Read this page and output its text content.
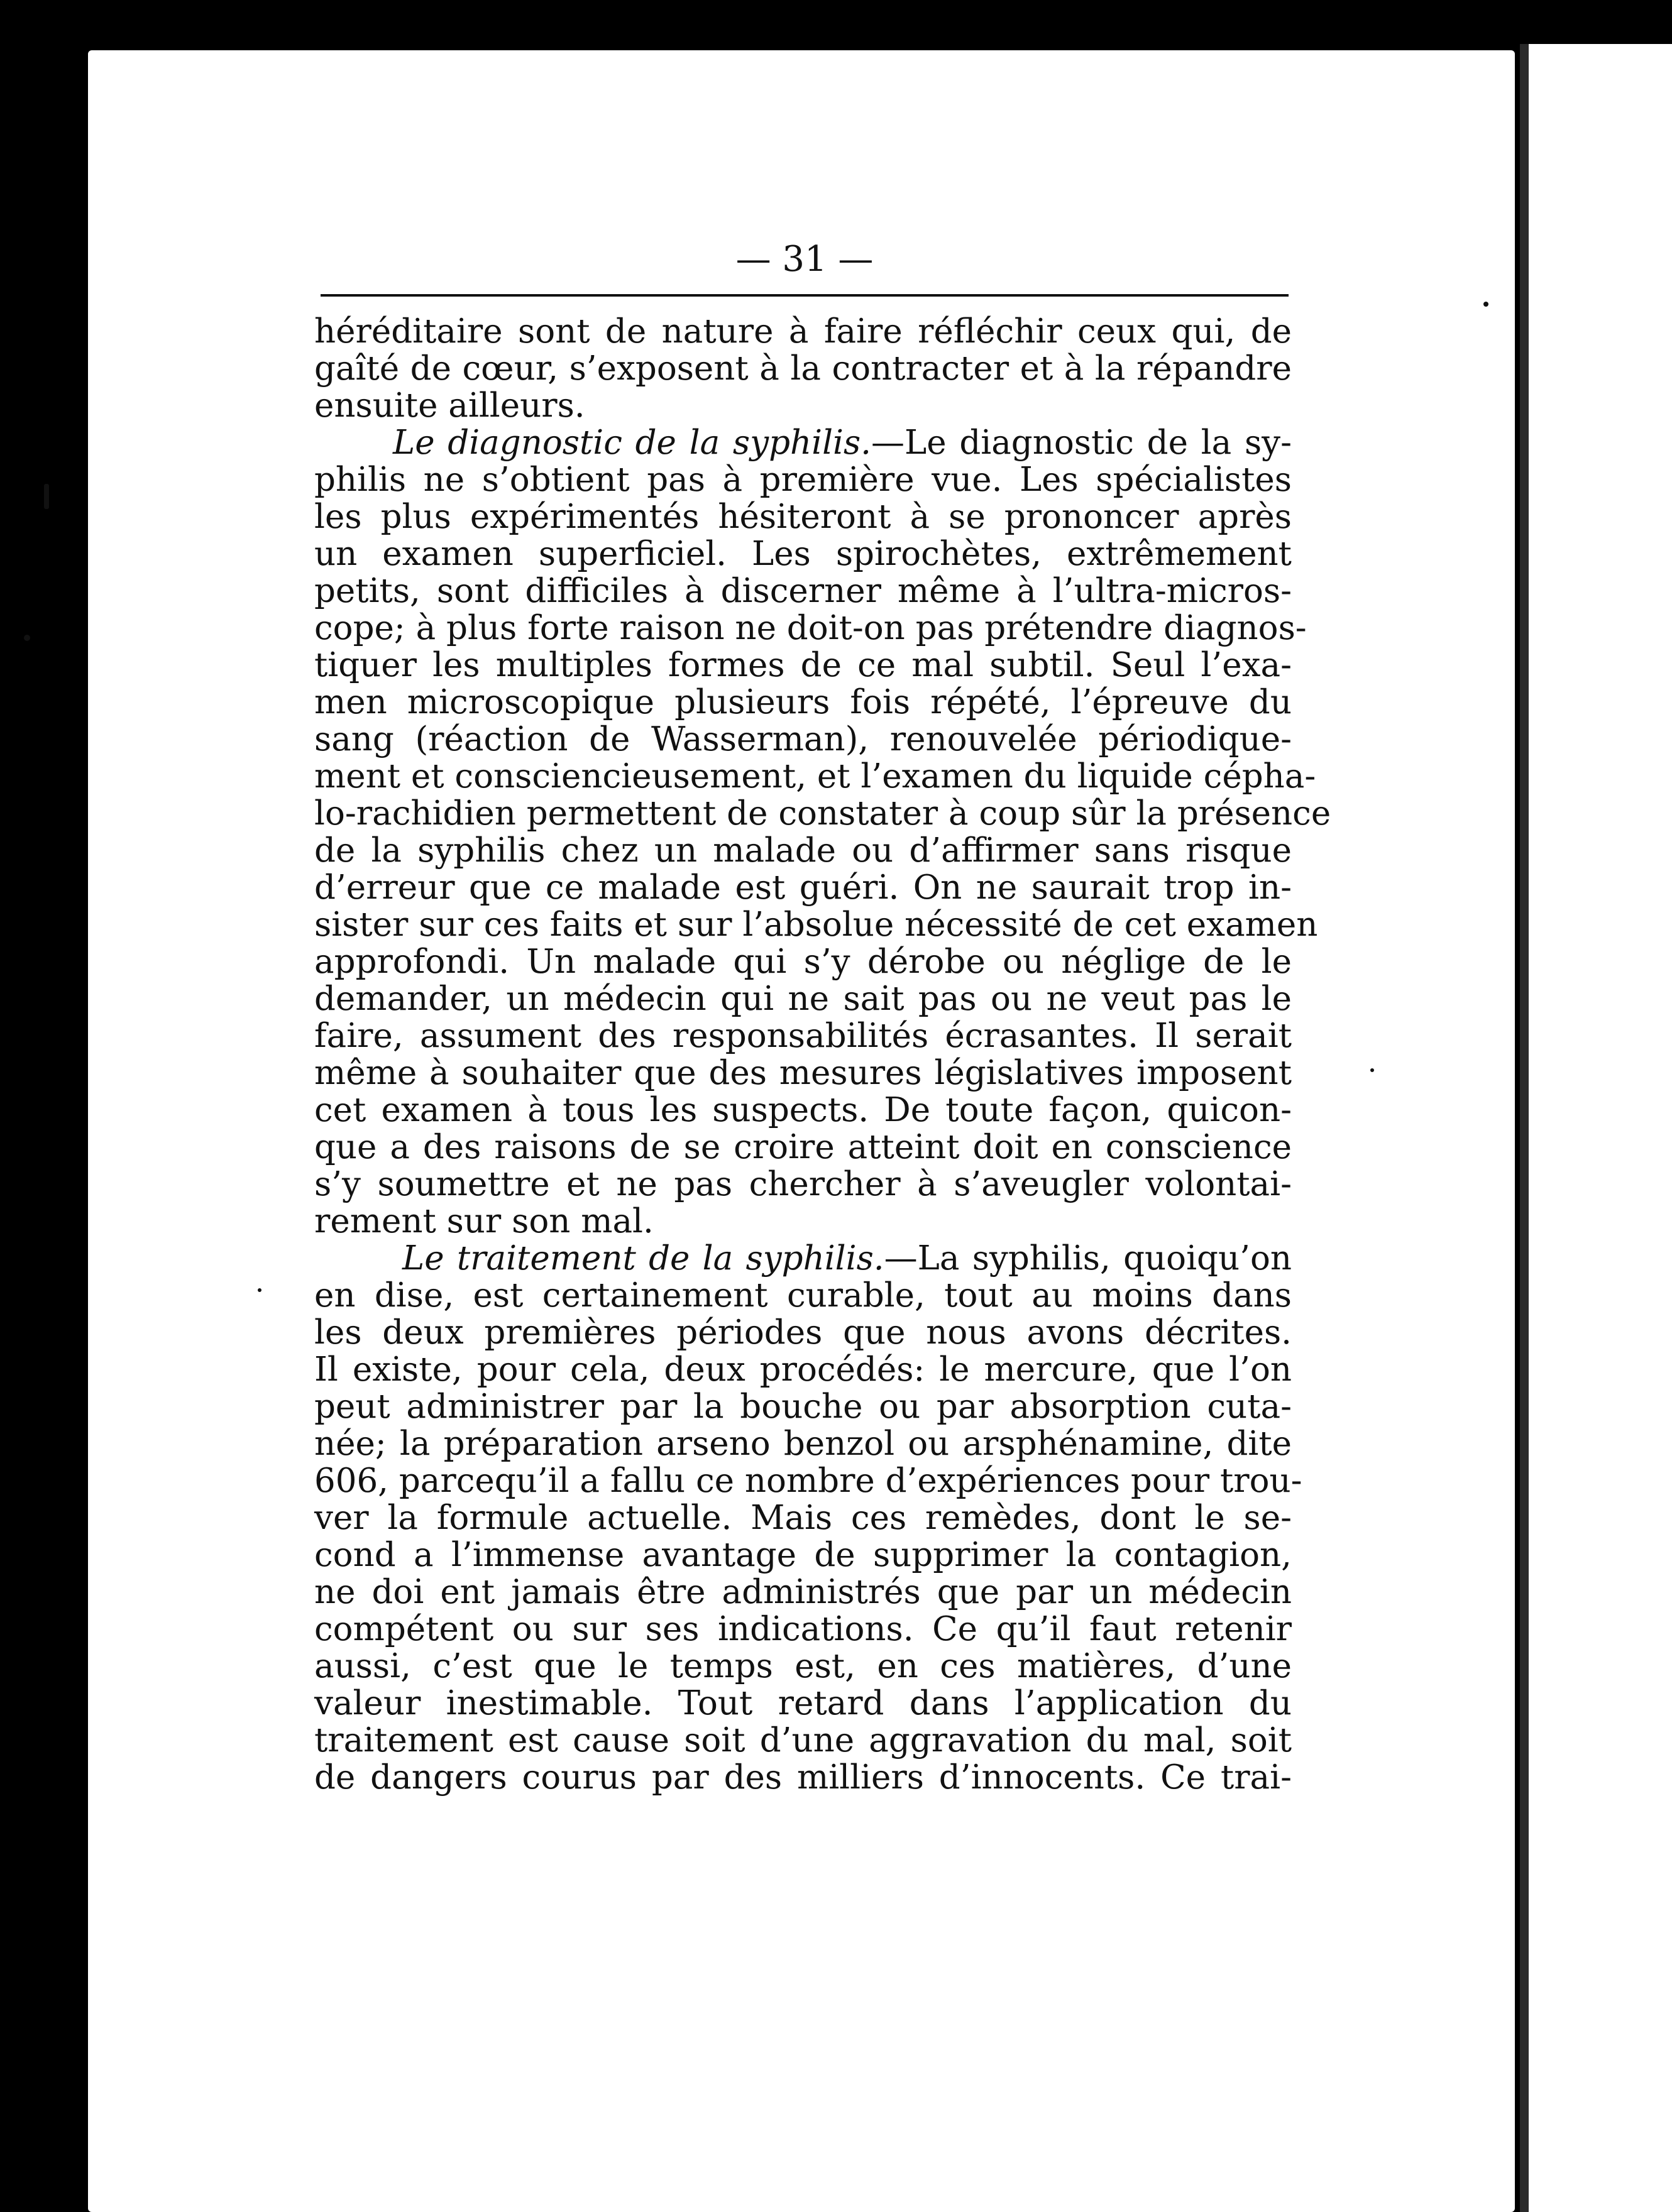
— 31 —

héréditaire sont de nature à faire réfléchir ceux qui, de
gaîté de cœur, s’exposent à la contracter et à la répandre
ensuite ailleurs.
Le diagnostic de la syphilis.—Le diagnostic de la sy-
philis ne s’obtient pas à première vue. Les spécialistes
les plus expérimentés hésiteront à se prononcer après
un examen superficiel. Les spirochètes, extrêmement
petits, sont difficiles à discerner même à l’ultra-micros-
cope; à plus forte raison ne doit-on pas prétendre diagnos-
tiquer les multiples formes de ce mal subtil. Seul l’exa-
men microscopique plusieurs fois répété, l’épreuve du
sang (réaction de Wasserman), renouvelée périodique-
ment et consciencieusement, et l’examen du liquide cépha-
lo-rachidien permettent de constater à coup sûr la présence
de la syphilis chez un malade ou d’affirmer sans risque
d’erreur que ce malade est guéri. On ne saurait trop in-
sister sur ces faits et sur l’absolue nécessité de cet examen
approfondi. Un malade qui s’y dérobe ou néglige de le
demander, un médecin qui ne sait pas ou ne veut pas le
faire, assument des responsabilités écrasantes. Il serait
même à souhaiter que des mesures législatives imposent
cet examen à tous les suspects. De toute façon, quicon-
que a des raisons de se croire atteint doit en conscience
s’y soumettre et ne pas chercher à s’aveugler volontai-
rement sur son mal.
Le traitement de la syphilis.—La syphilis, quoiqu’on
en dise, est certainement curable, tout au moins dans
les deux premières périodes que nous avons décrites.
Il existe, pour cela, deux procédés: le mercure, que l’on
peut administrer par la bouche ou par absorption cuta-
née; la préparation arseno benzol ou arsphénamine, dite
606, parcequ’il a fallu ce nombre d’expériences pour trou-
ver la formule actuelle. Mais ces remèdes, dont le se-
cond a l’immense avantage de supprimer la contagion,
ne doi ent jamais être administrés que par un médecin
compétent ou sur ses indications. Ce qu’il faut retenir
aussi, c’est que le temps est, en ces matières, d’une
valeur inestimable. Tout retard dans l’application du
traitement est cause soit d’une aggravation du mal, soit
de dangers courus par des milliers d’innocents. Ce trai-
